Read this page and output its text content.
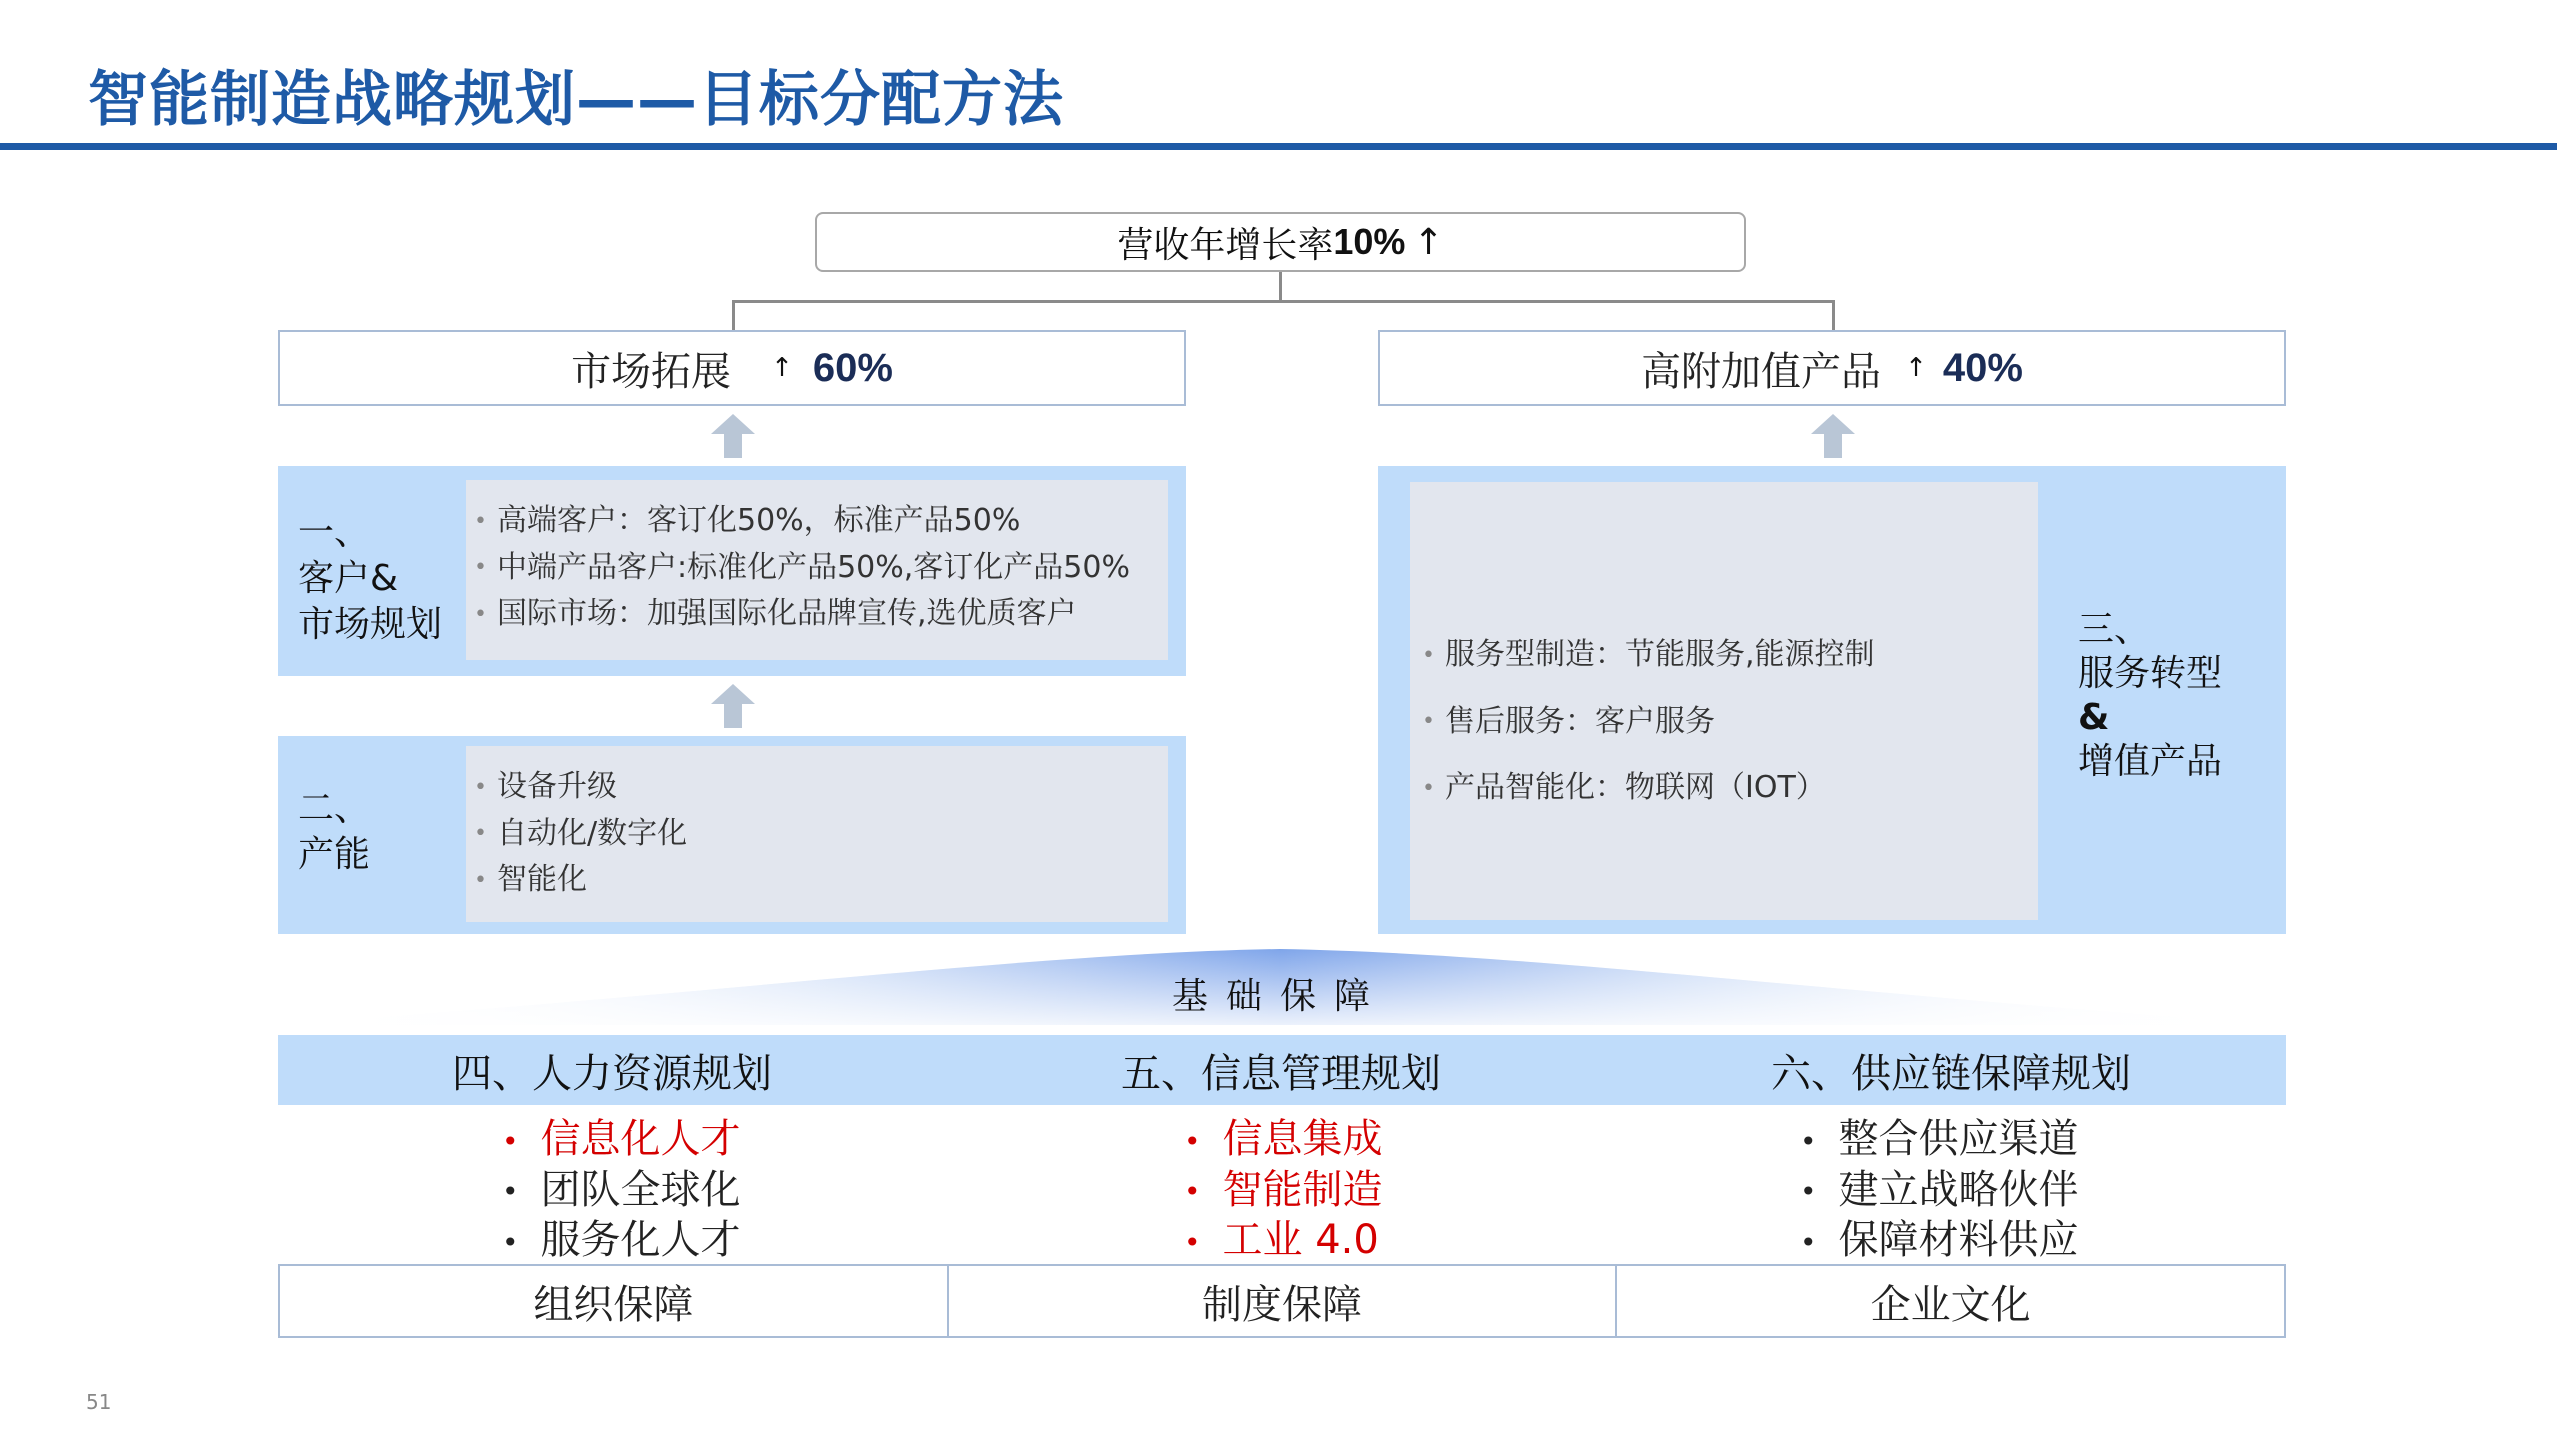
智能制造战略规划——目标分配方法
营收年增长率 10% ↑
市场拓展 ↑ 60%	高附加值产品 ↑ 40%
一、
客户&
市场规划
• 高端客户：客订化50%，标准产品50%
• 中端产品客户:标准化产品50%,客订化产品50%
• 国际市场：加强国际化品牌宣传,选优质客户
二、
产能
• 设备升级
• 自动化/数字化
• 智能化
• 服务型制造：节能服务,能源控制
• 售后服务：客户服务
• 产品智能化：物联网（IOT）
三、
服务转型
&
增值产品
基础保障
四、人力资源规划	五、信息管理规划	六、供应链保障规划
• 信息化人才
• 团队全球化
• 服务化人才
• 信息集成
• 智能制造
• 工业 4.0
• 整合供应渠道
• 建立战略伙伴
• 保障材料供应
组织保障	制度保障	企业文化
51
